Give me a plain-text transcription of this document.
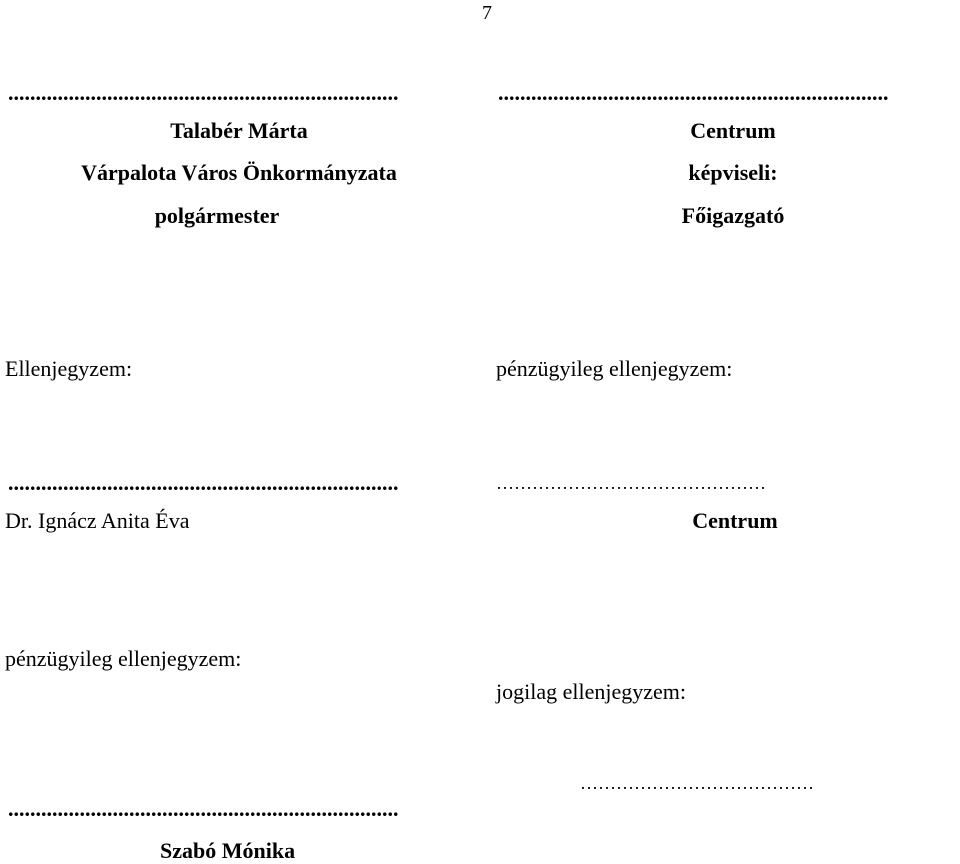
7
.......................................................................
Talabér Márta
Várpalota Város Önkormányzata
polgármester
.......................................................................
Centrum
képviseli:
Főigazgató
Ellenjegyzem:	pénzügyileg ellenjegyzem:
.......................................................................
Dr. Ignácz Anita Éva
………………………………………
Centrum
pénzügyileg ellenjegyzem:
jogilag ellenjegyzem:
…………………………………
.......................................................................
Szabó Mónika
